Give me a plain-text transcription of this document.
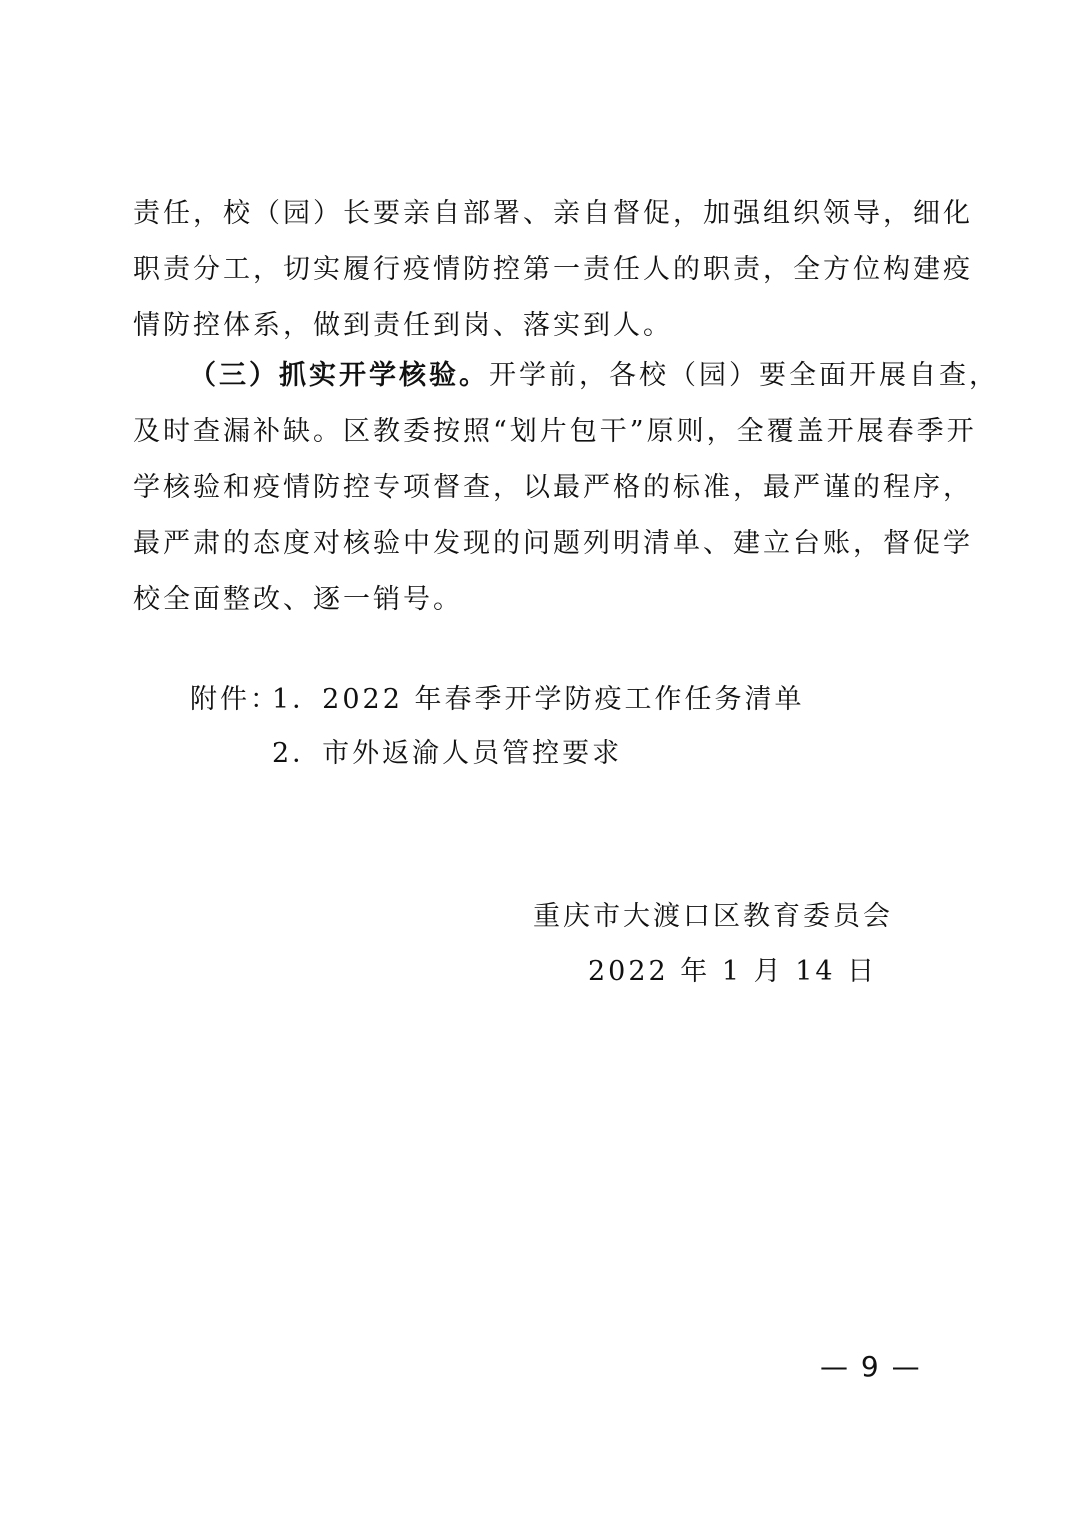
责任，校（园）长要亲自部署、亲自督促，加强组织领导，细化
职责分工，切实履行疫情防控第一责任人的职责，全方位构建疫
情防控体系，做到责任到岗、落实到人。
（三）抓实开学核验。开学前，各校（园）要全面开展自查，
及时查漏补缺。区教委按照“划片包干”原则，全覆盖开展春季开
学核验和疫情防控专项督查，以最严格的标准，最严谨的程序，
最严肃的态度对核验中发现的问题列明清单、建立台账，督促学
校全面整改、逐一销号。
附件：
1．2022 年春季开学防疫工作任务清单
2．市外返渝人员管控要求
重庆市大渡口区教育委员会
2022 年 1 月 14 日
— 9 —
